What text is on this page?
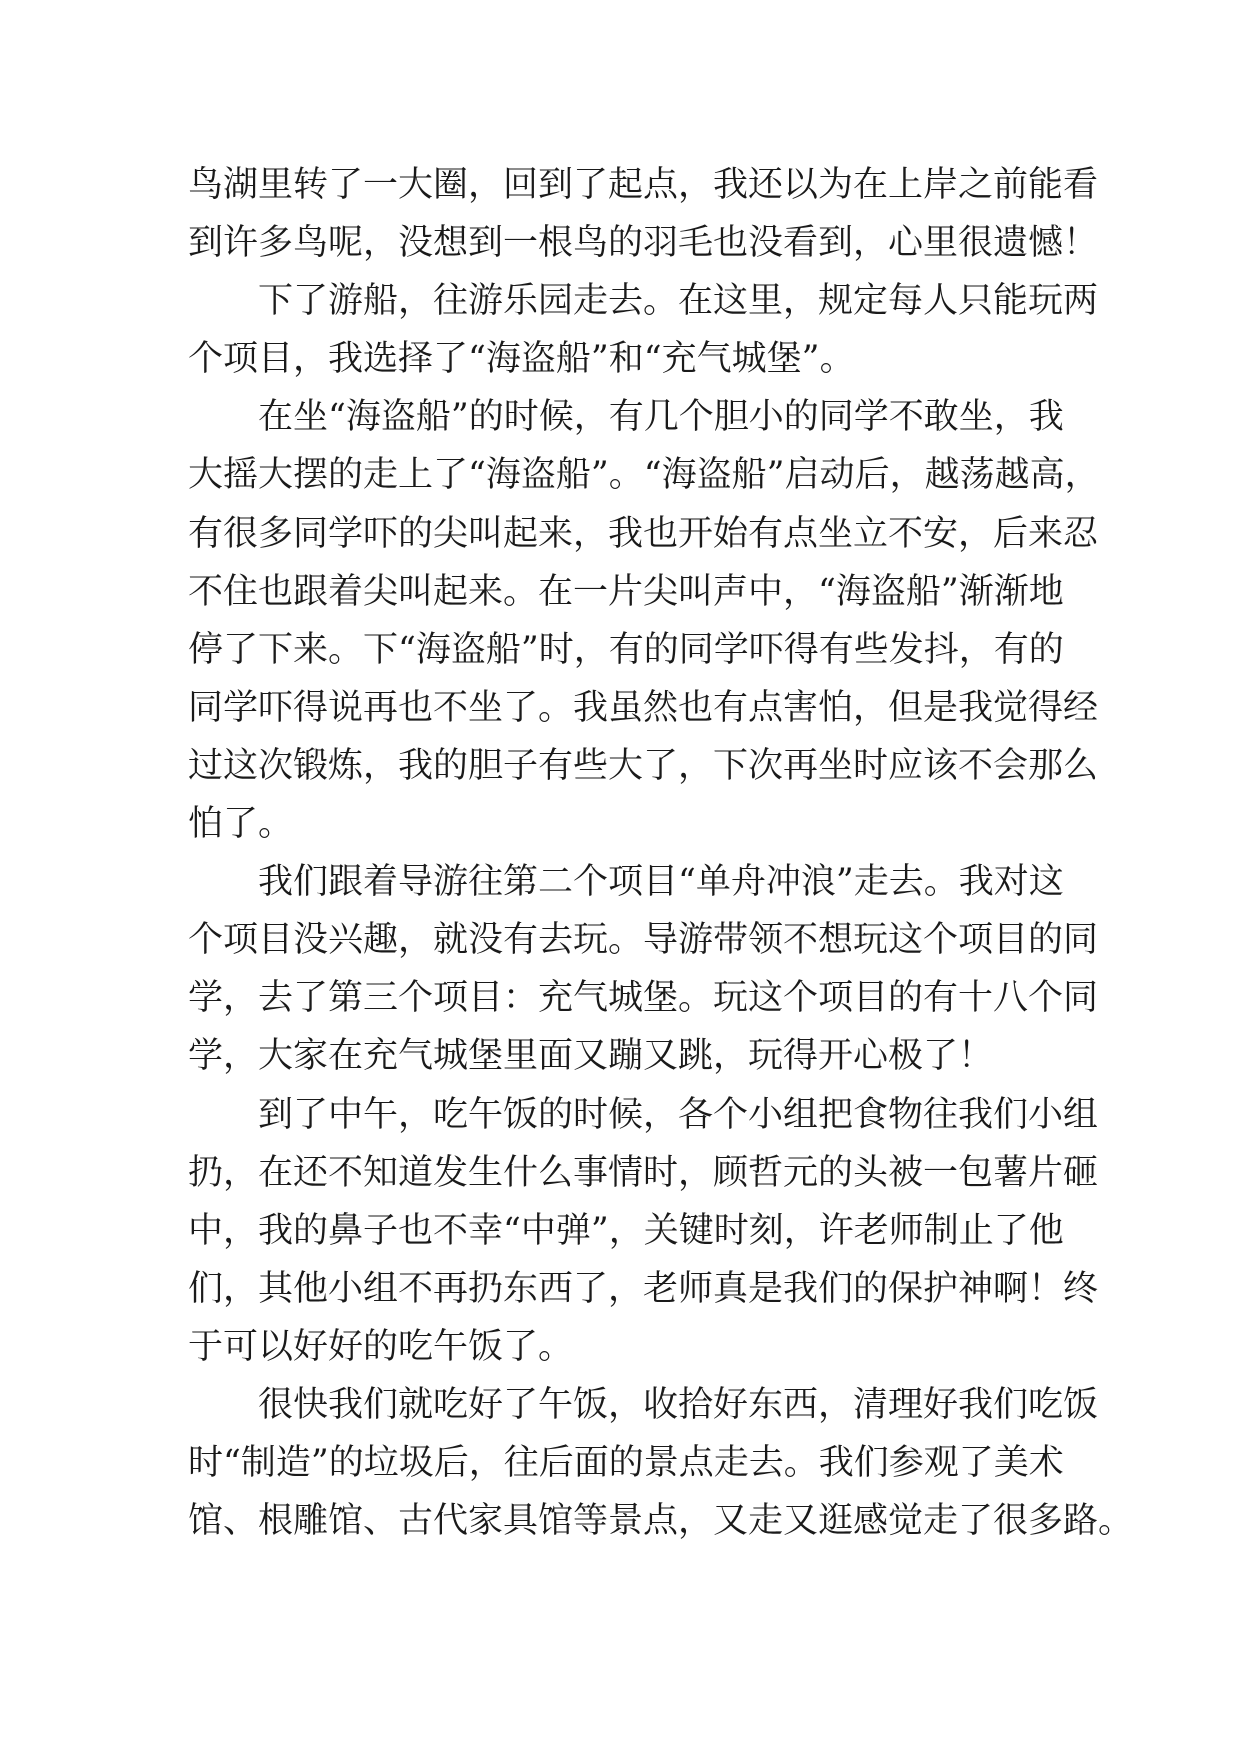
鸟湖里转了一大圈，回到了起点，我还以为在上岸之前能看
到许多鸟呢，没想到一根鸟的羽毛也没看到，心里很遗憾！
下了游船，往游乐园走去。在这里，规定每人只能玩两
个项目，我选择了“海盗船”和“充气城堡”。
在坐“海盗船”的时候，有几个胆小的同学不敢坐，我
大摇大摆的走上了“海盗船”。“海盗船”启动后，越荡越高，
有很多同学吓的尖叫起来，我也开始有点坐立不安，后来忍
不住也跟着尖叫起来。在一片尖叫声中，“海盗船”渐渐地
停了下来。下“海盗船”时，有的同学吓得有些发抖，有的
同学吓得说再也不坐了。我虽然也有点害怕，但是我觉得经
过这次锻炼，我的胆子有些大了，下次再坐时应该不会那么
怕了。
我们跟着导游往第二个项目“单舟冲浪”走去。我对这
个项目没兴趣，就没有去玩。导游带领不想玩这个项目的同
学，去了第三个项目：充气城堡。玩这个项目的有十八个同
学，大家在充气城堡里面又蹦又跳，玩得开心极了！
到了中午，吃午饭的时候，各个小组把食物往我们小组
扔，在还不知道发生什么事情时，顾哲元的头被一包薯片砸
中，我的鼻子也不幸“中弹”，关键时刻，许老师制止了他
们，其他小组不再扔东西了，老师真是我们的保护神啊！终
于可以好好的吃午饭了。
很快我们就吃好了午饭，收拾好东西，清理好我们吃饭
时“制造”的垃圾后，往后面的景点走去。我们参观了美术
馆、根雕馆、古代家具馆等景点，又走又逛感觉走了很多路。
